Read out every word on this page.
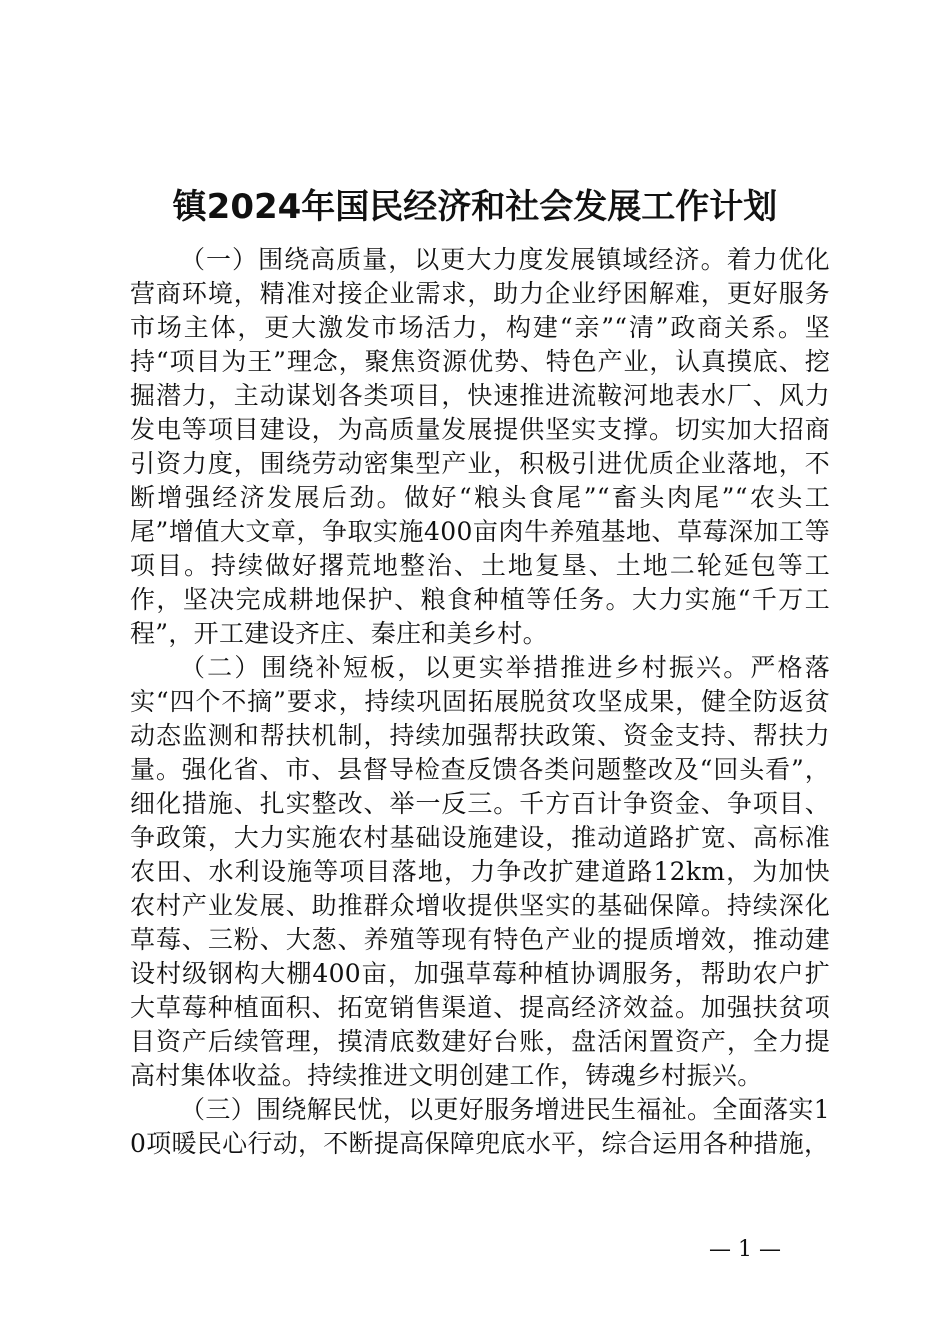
镇2024年国民经济和社会发展工作计划

（一）围绕高质量，以更大力度发展镇域经济。着力优化营商环境，精准对接企业需求，助力企业纾困解难，更好服务市场主体，更大激发市场活力，构建“亲”“清”政商关系。坚持“项目为王”理念，聚焦资源优势、特色产业，认真摸底、挖掘潜力，主动谋划各类项目，快速推进流鞍河地表水厂、风力发电等项目建设，为高质量发展提供坚实支撑。切实加大招商引资力度，围绕劳动密集型产业，积极引进优质企业落地，不断增强经济发展后劲。做好“粮头食尾”“畜头肉尾”“农头工尾”增值大文章，争取实施400亩肉牛养殖基地、草莓深加工等项目。持续做好撂荒地整治、土地复垦、土地二轮延包等工作，坚决完成耕地保护、粮食种植等任务。大力实施“千万工程”，开工建设齐庄、秦庄和美乡村。

（二）围绕补短板，以更实举措推进乡村振兴。严格落实“四个不摘”要求，持续巩固拓展脱贫攻坚成果，健全防返贫动态监测和帮扶机制，持续加强帮扶政策、资金支持、帮扶力量。强化省、市、县督导检查反馈各类问题整改及“回头看”，细化措施、扎实整改、举一反三。千方百计争资金、争项目、争政策，大力实施农村基础设施建设，推动道路扩宽、高标准农田、水利设施等项目落地，力争改扩建道路12km，为加快农村产业发展、助推群众增收提供坚实的基础保障。持续深化草莓、三粉、大葱、养殖等现有特色产业的提质增效，推动建设村级钢构大棚400亩，加强草莓种植协调服务，帮助农户扩大草莓种植面积、拓宽销售渠道、提高经济效益。加强扶贫项目资产后续管理，摸清底数建好台账，盘活闲置资产，全力提高村集体收益。持续推进文明创建工作，铸魂乡村振兴。

（三）围绕解民忧，以更好服务增进民生福祉。全面落实10项暖民心行动，不断提高保障兜底水平，综合运用各种措施，

— 1 —
